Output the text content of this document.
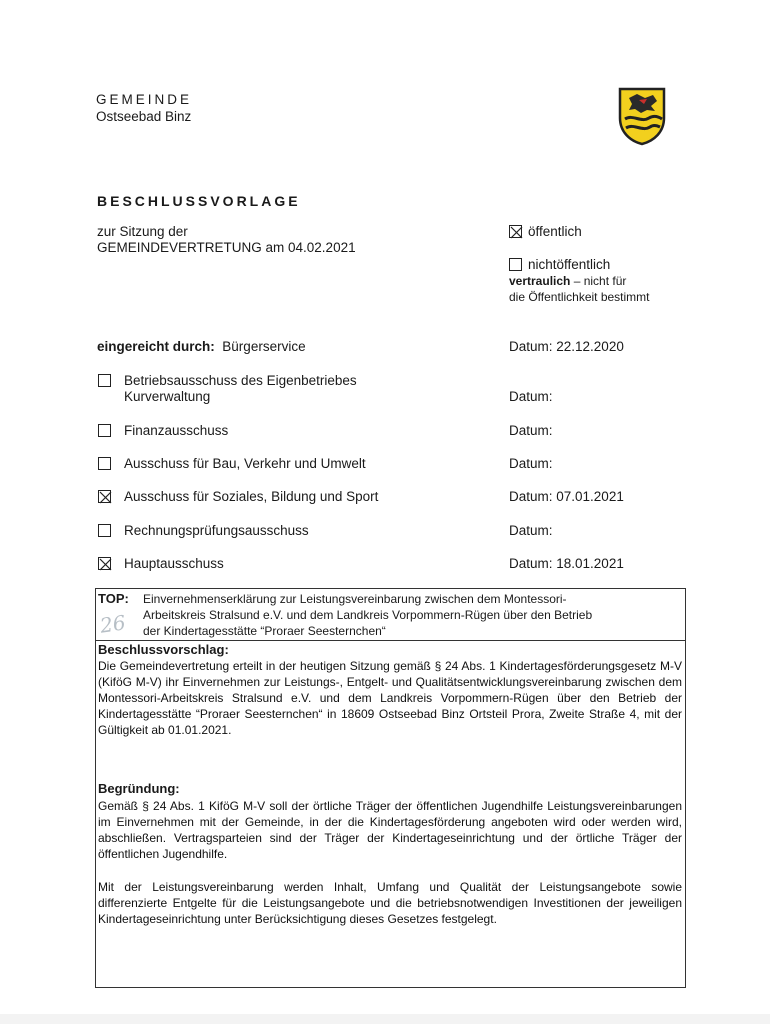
GEMEINDE
Ostseebad Binz
BESCHLUSSVORLAGE
zur Sitzung der
GEMEINDEVERTRETUNG am 04.02.2021
öffentlich
nichtöffentlich
vertraulich – nicht für
die Öffentlichkeit bestimmt
eingereicht durch: Bürgerservice	Datum: 22.12.2020
Betriebsausschuss des Eigenbetriebes
Kurverwaltung	Datum:
Finanzausschuss	Datum:
Ausschuss für Bau, Verkehr und Umwelt	Datum:
Ausschuss für Soziales, Bildung und Sport	Datum: 07.01.2021
Rechnungsprüfungsausschuss	Datum:
Hauptausschuss	Datum: 18.01.2021
TOP:
26
Einvernehmenserklärung zur Leistungsvereinbarung zwischen dem Montessori-
Arbeitskreis Stralsund e.V. und dem Landkreis Vorpommern-Rügen über den Betrieb
der Kindertagesstätte “Proraer Seesternchen“
Beschlussvorschlag:
Die Gemeindevertretung erteilt in der heutigen Sitzung gemäß § 24 Abs. 1 Kindertagesförderungsgesetz M-V (KiföG M-V) ihr Einvernehmen zur Leistungs-, Entgelt- und Qualitätsentwicklungsvereinbarung zwischen dem Montessori-Arbeitskreis Stralsund e.V. und dem Landkreis Vorpommern-Rügen über den Betrieb der Kindertagesstätte “Proraer Seesternchen“ in 18609 Ostseebad Binz Ortsteil Prora, Zweite Straße 4, mit der Gültigkeit ab 01.01.2021.
Begründung:
Gemäß § 24 Abs. 1 KiföG M-V soll der örtliche Träger der öffentlichen Jugendhilfe Leistungsvereinbarungen im Einvernehmen mit der Gemeinde, in der die Kindertagesförderung angeboten wird oder werden wird, abschließen. Vertragsparteien sind der Träger der Kindertageseinrichtung und der örtliche Träger der öffentlichen Jugendhilfe.
Mit der Leistungsvereinbarung werden Inhalt, Umfang und Qualität der Leistungsangebote sowie differenzierte Entgelte für die Leistungsangebote und die betriebsnotwendigen Investitionen der jeweiligen Kindertageseinrichtung unter Berücksichtigung dieses Gesetzes festgelegt.
